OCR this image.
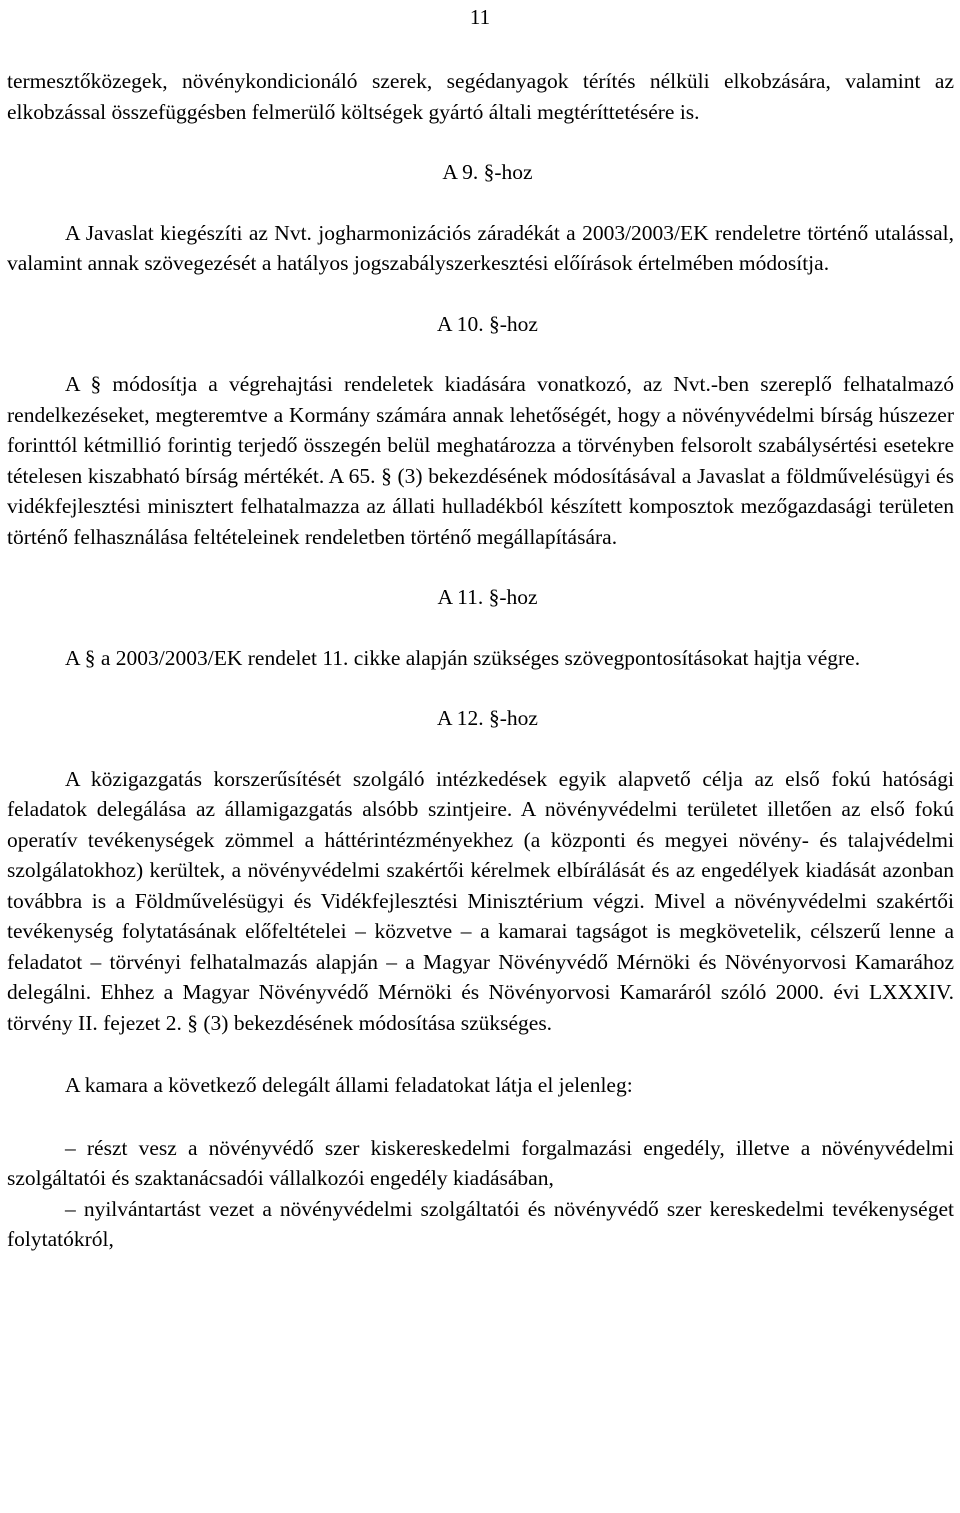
11

termesztőközegek, növénykondicionáló szerek, segédanyagok térítés nélküli elkobzására, valamint az elkobzással összefüggésben felmerülő költségek gyártó általi megtéríttetésére is.

A 9. §-hoz

A Javaslat kiegészíti az Nvt. jogharmonizációs záradékát a 2003/2003/EK rendeletre történő utalással, valamint annak szövegezését a hatályos jogszabályszerkesztési előírások értelmében módosítja.

A 10. §-hoz

A § módosítja a végrehajtási rendeletek kiadására vonatkozó, az Nvt.-ben szereplő felhatalmazó rendelkezéseket, megteremtve a Kormány számára annak lehetőségét, hogy a növényvédelmi bírság húszezer forinttól kétmillió forintig terjedő összegén belül meghatározza a törvényben felsorolt szabálysértési esetekre tételesen kiszabható bírság mértékét. A 65. § (3) bekezdésének módosításával a Javaslat a földművelésügyi és vidékfejlesztési minisztert felhatalmazza az állati hulladékból készített komposztok mezőgazdasági területen történő felhasználása feltételeinek rendeletben történő megállapítására.

A 11. §-hoz

A § a 2003/2003/EK rendelet 11. cikke alapján szükséges szövegpontosításokat hajtja végre.

A 12. §-hoz

A közigazgatás korszerűsítését szolgáló intézkedések egyik alapvető célja az első fokú hatósági feladatok delegálása az államigazgatás alsóbb szintjeire. A növényvédelmi területet illetően az első fokú operatív tevékenységek zömmel a háttérintézményekhez (a központi és megyei növény- és talajvédelmi szolgálatokhoz) kerültek, a növényvédelmi szakértői kérelmek elbírálását és az engedélyek kiadását azonban továbbra is a Földművelésügyi és Vidékfejlesztési Minisztérium végzi. Mivel a növényvédelmi szakértői tevékenység folytatásának előfeltételei – közvetve – a kamarai tagságot is megkövetelik, célszerű lenne a feladatot – törvényi felhatalmazás alapján – a Magyar Növényvédő Mérnöki és Növényorvosi Kamarához delegálni. Ehhez a Magyar Növényvédő Mérnöki és Növényorvosi Kamaráról szóló 2000. évi LXXXIV. törvény II. fejezet 2. § (3) bekezdésének módosítása szükséges.

A kamara a következő delegált állami feladatokat látja el jelenleg:

– részt vesz a növényvédő szer kiskereskedelmi forgalmazási engedély, illetve a növényvédelmi szolgáltatói és szaktanácsadói vállalkozói engedély kiadásában,

– nyilvántartást vezet a növényvédelmi szolgáltatói és növényvédő szer kereskedelmi tevékenységet folytatókról,
